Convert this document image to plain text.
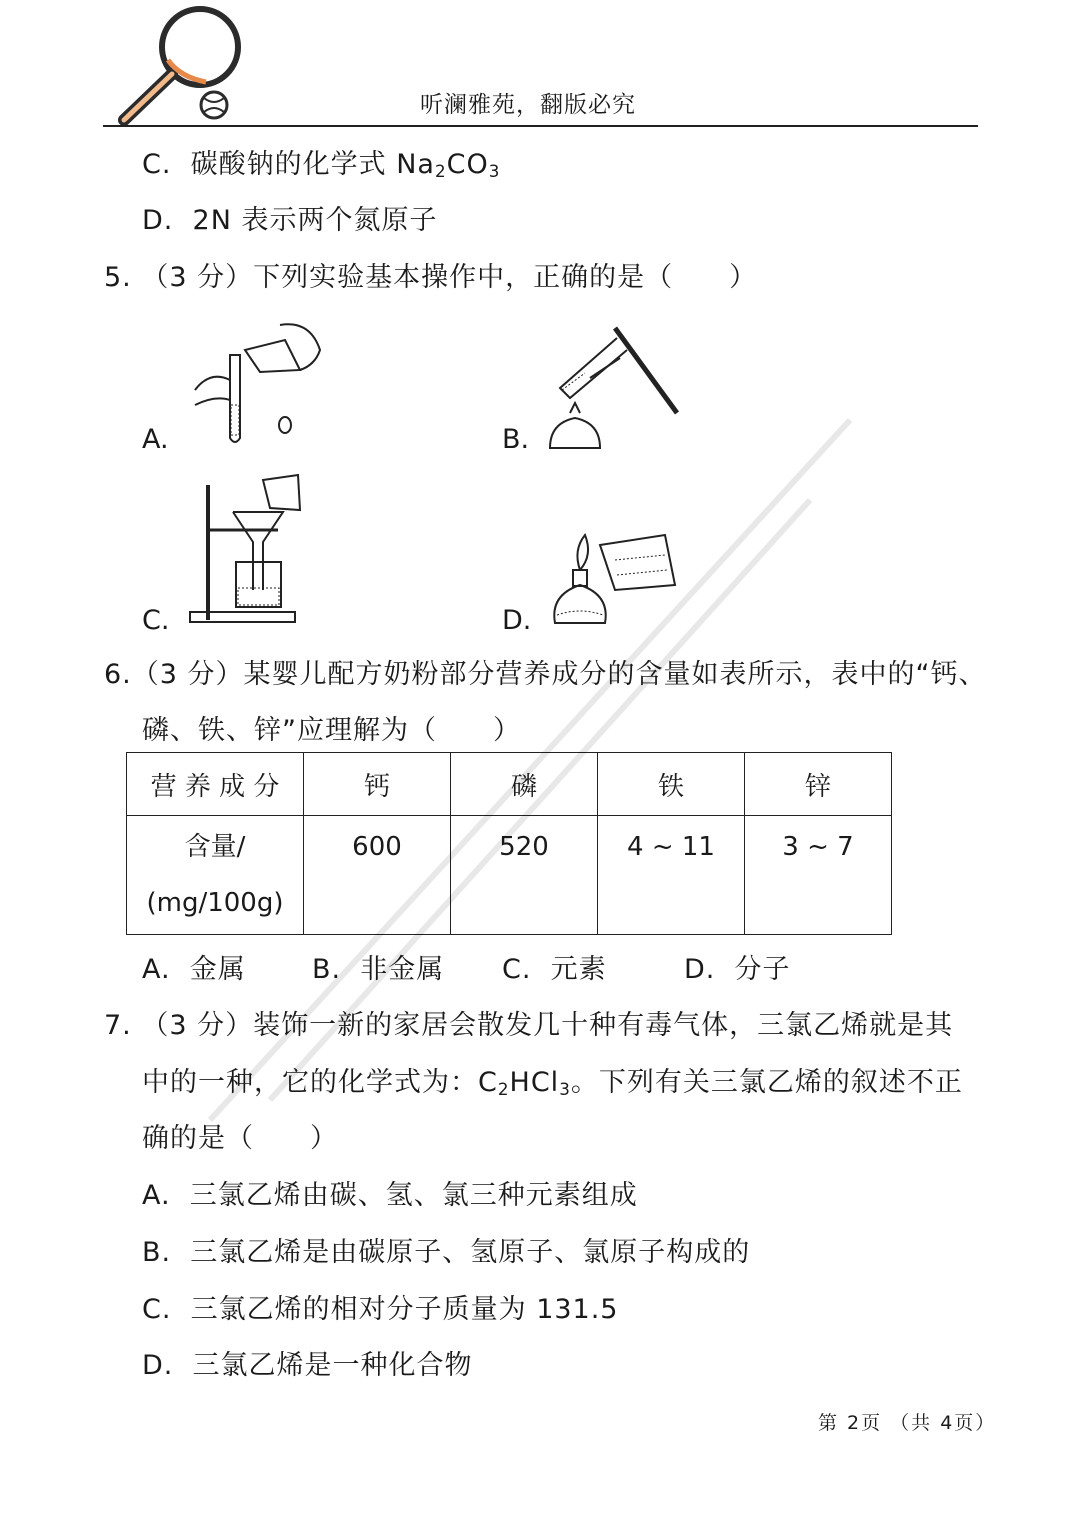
听澜雅苑，翻版必究
C. 碳酸钠的化学式 $Na_2CO_3$
D. 2N 表示两个氮原子
5. （3 分）下列实验基本操作中，正确的是（　　）
A.	B.
C.	D.
6.（3 分）某婴儿配方奶粉部分营养成分的含量如表所示，表中的“钙、
磷、铁、锌”应理解为（　　）
营 养 成 分	钙	磷	铁	锌

含量/
(mg/100g)	600	520	4 ~ 11	3 ~ 7
A. 金属 B. 非金属 C. 元素	D. 分子
7. （3 分）装饰一新的家居会散发几十种有毒气体，三氯乙烯就是其
中的一种，它的化学式为：$C_2HCl_3$。下列有关三氯乙烯的叙述不正
确的是（　　）
A. 三氯乙烯由碳、氢、氯三种元素组成
B. 三氯乙烯是由碳原子、氢原子、氯原子构成的
C. 三氯乙烯的相对分子质量为 131.5
D. 三氯乙烯是一种化合物
第 2页 （共 4页）
